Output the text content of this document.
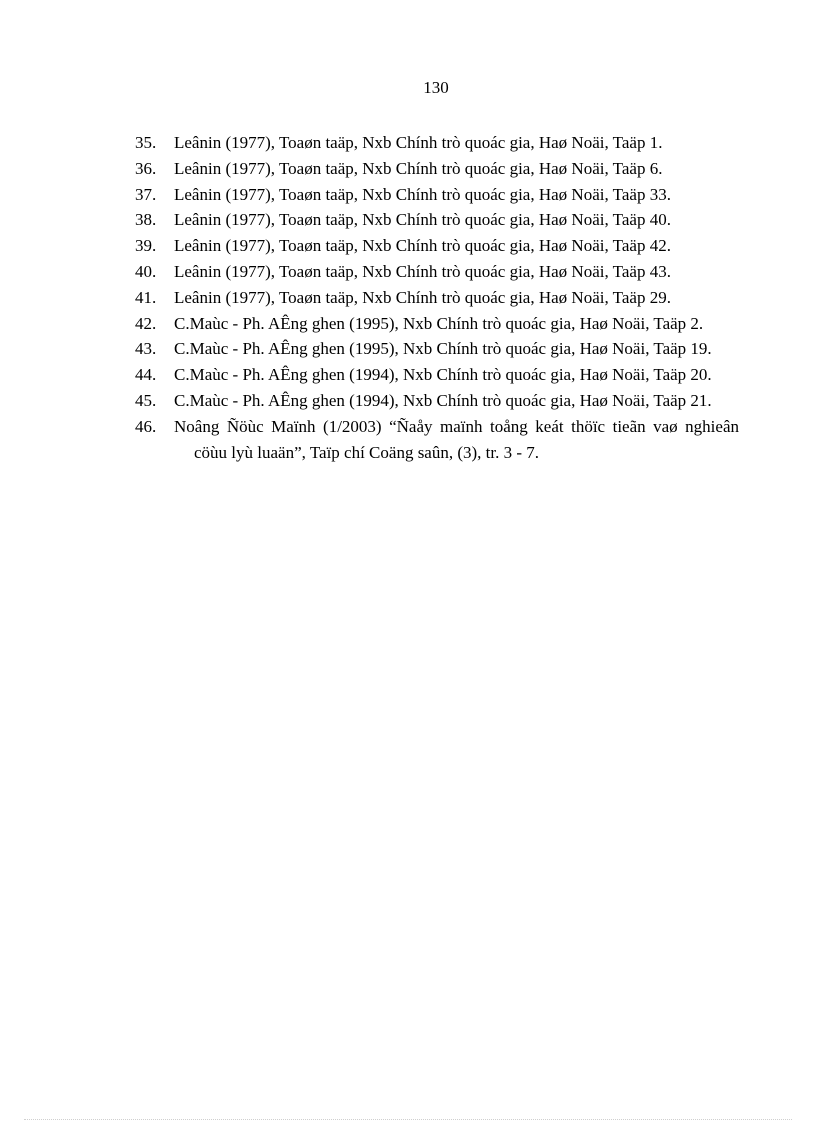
130
35. Leânin (1977), Toaøn taäp, Nxb Chính trò quoác gia, Haø Noäi, Taäp 1.
36. Leânin (1977), Toaøn taäp, Nxb Chính trò quoác gia, Haø Noäi, Taäp 6.
37. Leânin (1977), Toaøn taäp, Nxb Chính trò quoác gia, Haø Noäi, Taäp 33.
38. Leânin (1977), Toaøn taäp, Nxb Chính trò quoác gia, Haø Noäi, Taäp 40.
39. Leânin (1977), Toaøn taäp, Nxb Chính trò quoác gia, Haø Noäi, Taäp 42.
40. Leânin (1977), Toaøn taäp, Nxb Chính trò quoác gia, Haø Noäi, Taäp 43.
41. Leânin (1977), Toaøn taäp, Nxb Chính trò quoác gia, Haø Noäi, Taäp 29.
42. C.Maùc - Ph. AÊng ghen (1995), Nxb Chính trò quoác gia, Haø Noäi, Taäp 2.
43. C.Maùc - Ph. AÊng ghen (1995), Nxb Chính trò quoác gia, Haø Noäi, Taäp 19.
44. C.Maùc - Ph. AÊng ghen (1994), Nxb Chính trò quoác gia, Haø Noäi, Taäp 20.
45. C.Maùc - Ph. AÊng ghen (1994), Nxb Chính trò quoác gia, Haø Noäi, Taäp 21.
46. Noâng Ñöùc Maïnh (1/2003) “Ñaåy maïnh toång keát thöïc tieãn vaø nghieân cöùu lyù luaän”, Taïp chí Coäng saûn, (3), tr. 3 - 7.
